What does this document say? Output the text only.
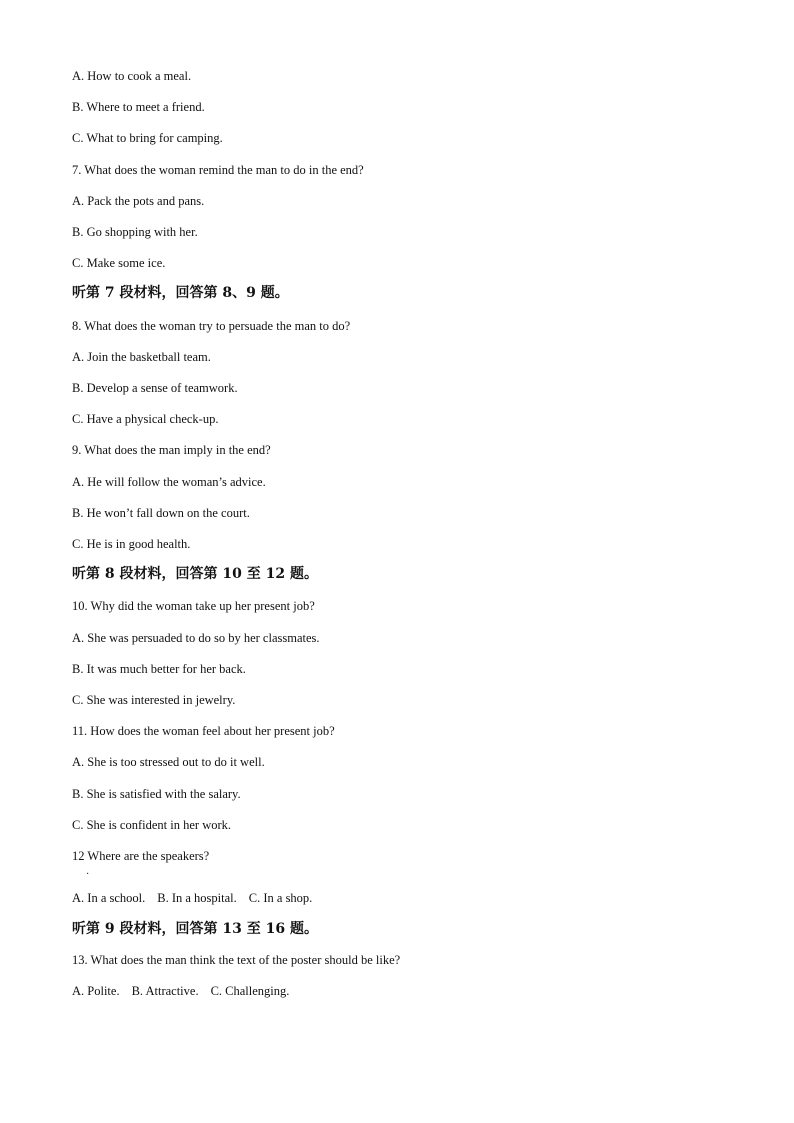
A. How to cook a meal.
B. Where to meet a friend.
C. What to bring for camping.
7. What does the woman remind the man to do in the end?
A. Pack the pots and pans.
B. Go shopping with her.
C. Make some ice.
听第 7 段材料，回答第 8、9 题。
8. What does the woman try to persuade the man to do?
A. Join the basketball team.
B. Develop a sense of teamwork.
C. Have a physical check-up.
9. What does the man imply in the end?
A. He will follow the woman’s advice.
B. He won’t fall down on the court.
C. He is in good health.
听第 8 段材料，回答第 10 至 12 题。
10. Why did the woman take up her present job?
A. She was persuaded to do so by her classmates.
B. It was much better for her back.
C. She was interested in jewelry.
11. How does the woman feel about her present job?
A. She is too stressed out to do it well.
B. She is satisfied with the salary.
C. She is confident in her work.
12 Where are the speakers?
·
A. In a school. B. In a hospital. C. In a shop.
听第 9 段材料，回答第 13 至 16 题。
13. What does the man think the text of the poster should be like?
A. Polite. B. Attractive. C. Challenging.
